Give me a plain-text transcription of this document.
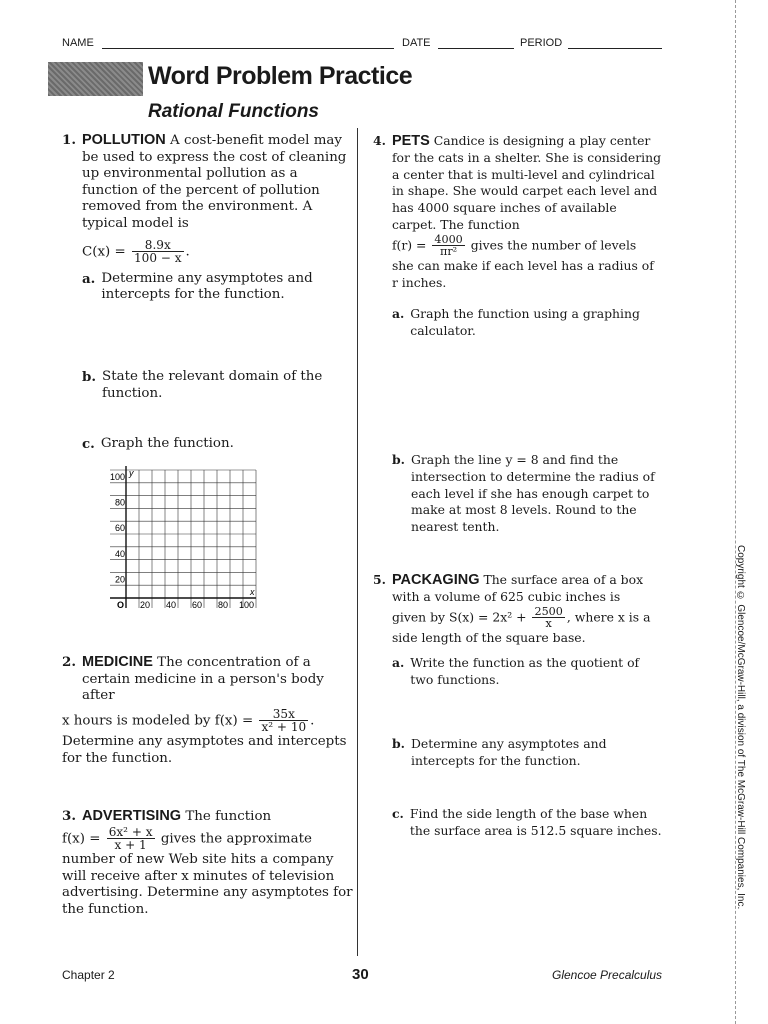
NAME	DATE	PERIOD
Word Problem Practice
Rational Functions
1. POLLUTION A cost-benefit model may be used to express the cost of cleaning up environmental pollution as a function of the percent of pollution removed from the environment. A typical model is
$C(x) = \frac{8.9x}{100 - x}$ .
a. Determine any asymptotes and intercepts for the function.
b. State the relevant domain of the function.
c. Graph the function.
20 40 60 80 100
20
40
60
80
100
O
x
y
2. MEDICINE The concentration of a certain medicine in a person's body after
x hours is modeled by $f(x) = \frac{35x}{\text{x² + 10}}$ .
Determine any asymptotes and intercepts for the function.
3. ADVERTISING The function
$f(x) = \frac{\text{6x² + x}}{x + 1}$ gives the approximate
number of new Web site hits a company will receive after x minutes of television advertising. Determine any asymptotes for the function.
4. PETS Candice is designing a play center for the cats in a shelter. She is considering a center that is multi-level and cylindrical in shape. She would carpet each level and has 4000 square inches of available carpet. The function
$f(r) = \frac{4000}{\text{πr²}}$ gives the number of levels
she can make if each level has a radius of r inches.
a. Graph the function using a graphing calculator.
b. Graph the line y = 8 and find the intersection to determine the radius of each level if she has enough carpet to make at most 8 levels. Round to the nearest tenth.
5. PACKAGING The surface area of a box with a volume of 625 cubic inches is
given by $S(x) = 2x^2 + \frac{2500}{x}$ , where x is a
side length of the square base.
a. Write the function as the quotient of two functions.
b. Determine any asymptotes and intercepts for the function.
c. Find the side length of the base when the surface area is 512.5 square inches.	Copyright © Glencoe/McGraw-Hill, a division of The McGraw-Hill Companies, Inc.
Chapter 2	30	Glencoe Precalculus
